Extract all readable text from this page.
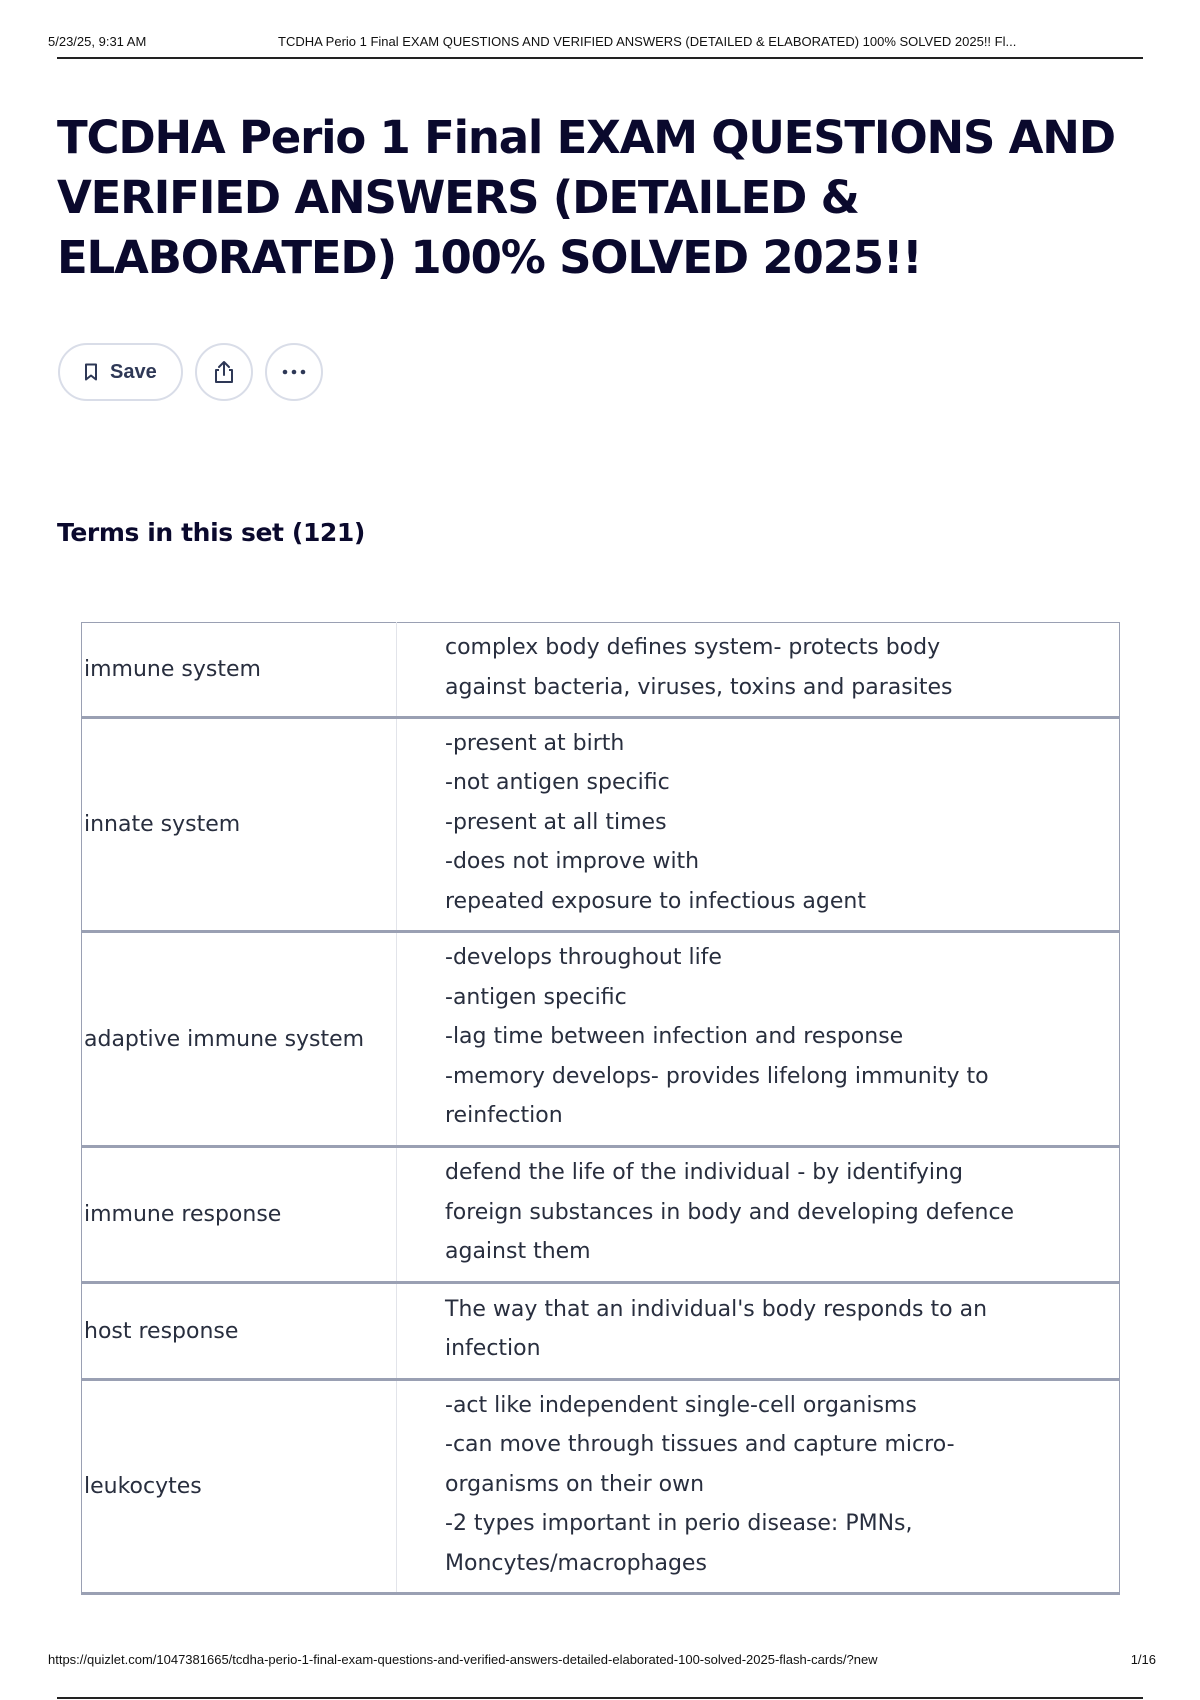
5/23/25, 9:31 AM	TCDHA Perio 1 Final EXAM QUESTIONS AND VERIFIED ANSWERS (DETAILED & ELABORATED) 100% SOLVED 2025!! Fl...
TCDHA Perio 1 Final EXAM QUESTIONS AND
VERIFIED ANSWERS (DETAILED &
ELABORATED) 100% SOLVED 2025!!
Save
Terms in this set (121)
immune system	complex body defines system- protects body
against bacteria, viruses, toxins and parasites

innate system	-present at birth
-not antigen specific
-present at all times
-does not improve with
repeated exposure to infectious agent

adaptive immune system	-develops throughout life
-antigen specific
-lag time between infection and response
-memory develops- provides lifelong immunity to
reinfection

immune response	defend the life of the individual - by identifying
foreign substances in body and developing defence
against them

host response	The way that an individual's body responds to an
infection

leukocytes	-act like independent single-cell organisms
-can move through tissues and capture micro-
organisms on their own
-2 types important in perio disease: PMNs,
Moncytes/macrophages
https://quizlet.com/1047381665/tcdha-perio-1-final-exam-questions-and-verified-answers-detailed-elaborated-100-solved-2025-flash-cards/?new	1/16
